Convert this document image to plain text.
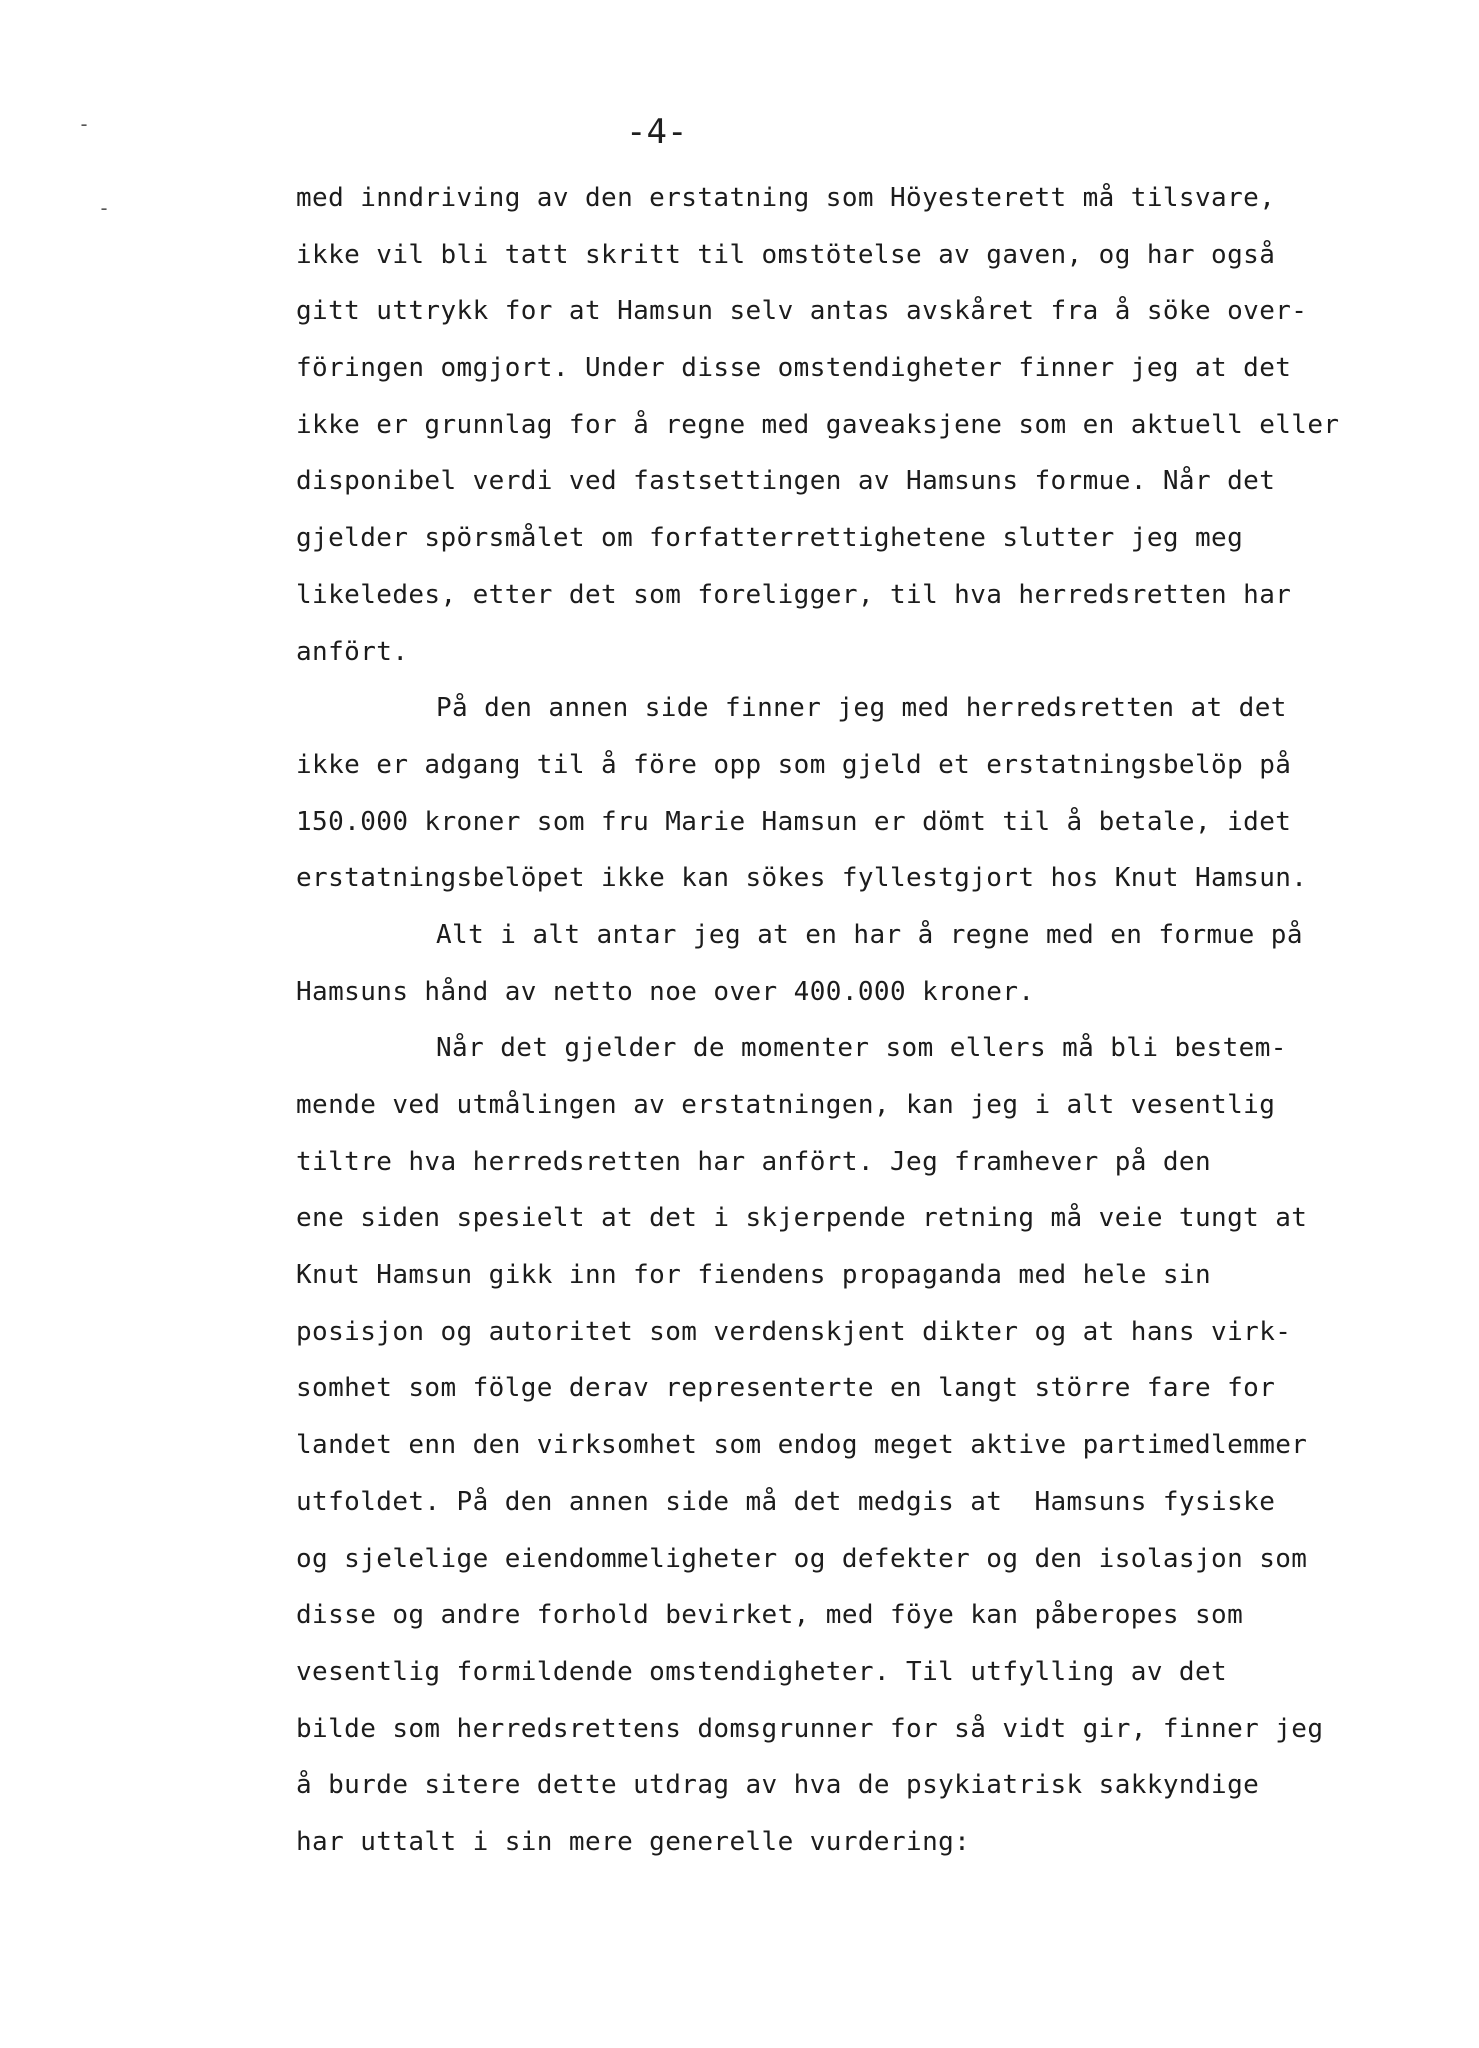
-
-
-4-
med inndriving av den erstatning som Höyesterett må tilsvare,
ikke vil bli tatt skritt til omstötelse av gaven, og har også
gitt uttrykk for at Hamsun selv antas avskåret fra å söke over-
föringen omgjort. Under disse omstendigheter finner jeg at det
ikke er grunnlag for å regne med gaveaksjene som en aktuell eller
disponibel verdi ved fastsettingen av Hamsuns formue. Når det
gjelder spörsmålet om forfatterrettighetene slutter jeg meg
likeledes, etter det som foreligger, til hva herredsretten har
anfört.
På den annen side finner jeg med herredsretten at det
ikke er adgang til å före opp som gjeld et erstatningsbelöp på
150.000 kroner som fru Marie Hamsun er dömt til å betale, idet
erstatningsbelöpet ikke kan sökes fyllestgjort hos Knut Hamsun.
Alt i alt antar jeg at en har å regne med en formue på
Hamsuns hånd av netto noe over 400.000 kroner.
Når det gjelder de momenter som ellers må bli bestem-
mende ved utmålingen av erstatningen, kan jeg i alt vesentlig
tiltre hva herredsretten har anfört. Jeg framhever på den
ene siden spesielt at det i skjerpende retning må veie tungt at
Knut Hamsun gikk inn for fiendens propaganda med hele sin
posisjon og autoritet som verdenskjent dikter og at hans virk-
somhet som fölge derav representerte en langt större fare for
landet enn den virksomhet som endog meget aktive partimedlemmer
utfoldet. På den annen side må det medgis at  Hamsuns fysiske
og sjelelige eiendommeligheter og defekter og den isolasjon som
disse og andre forhold bevirket, med föye kan påberopes som
vesentlig formildende omstendigheter. Til utfylling av det
bilde som herredsrettens domsgrunner for så vidt gir, finner jeg
å burde sitere dette utdrag av hva de psykiatrisk sakkyndige
har uttalt i sin mere generelle vurdering:
